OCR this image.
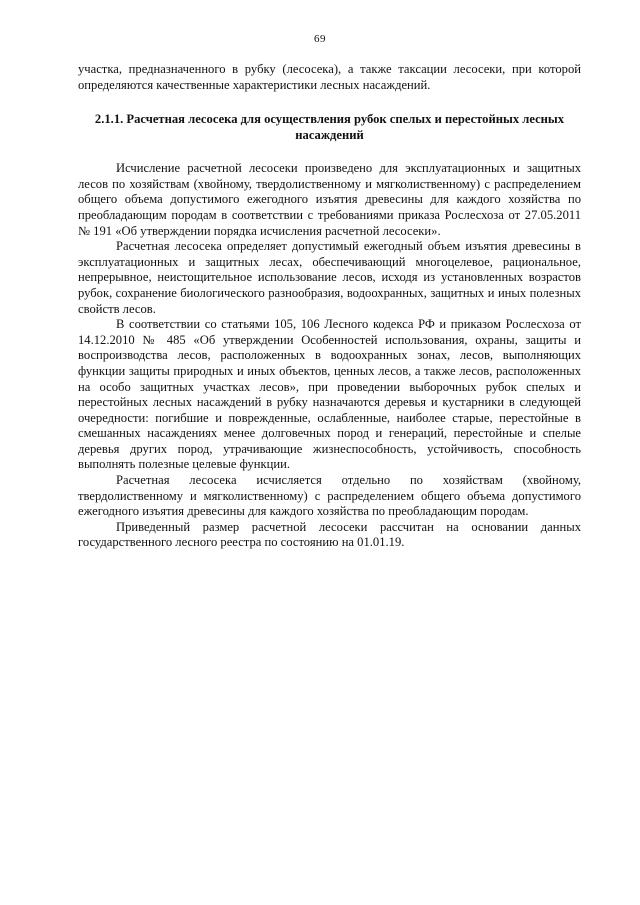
69

участка, предназначенного в рубку (лесосека), а также таксации лесосеки, при которой определяются качественные характеристики лесных насаждений.

2.1.1. Расчетная лесосека для осуществления рубок спелых и перестойных лесных насаждений

Исчисление расчетной лесосеки произведено для эксплуатационных и защитных лесов по хозяйствам (хвойному, твердолиственному и мягколиственному) с распределением общего объема допустимого ежегодного изъятия древесины для каждого хозяйства по преобладающим породам в соответствии с требованиями приказа Рослесхоза от 27.05.2011 № 191 «Об утверждении порядка исчисления расчетной лесосеки».

Расчетная лесосека определяет допустимый ежегодный объем изъятия древесины в эксплуатационных и защитных лесах, обеспечивающий многоцелевое, рациональное, непрерывное, неистощительное использование лесов, исходя из установленных возрастов рубок, сохранение биологического разнообразия, водоохранных, защитных и иных полезных свойств лесов.

В соответствии со статьями 105, 106 Лесного кодекса РФ и приказом Рослесхоза от 14.12.2010 № 485 «Об утверждении Особенностей использования, охраны, защиты и воспроизводства лесов, расположенных в водоохранных зонах, лесов, выполняющих функции защиты природных и иных объектов, ценных лесов, а также лесов, расположенных на особо защитных участках лесов», при проведении выборочных рубок спелых и перестойных лесных насаждений в рубку назначаются деревья и кустарники в следующей очередности: погибшие и поврежденные, ослабленные, наиболее старые, перестойные в смешанных насаждениях менее долговечных пород и генераций, перестойные и спелые деревья других пород, утрачивающие жизнеспособность, устойчивость, способность выполнять полезные целевые функции.

Расчетная лесосека исчисляется отдельно по хозяйствам (хвойному, твердолиственному и мягколиственному) с распределением общего объема допустимого ежегодного изъятия древесины для каждого хозяйства по преобладающим породам.

Приведенный размер расчетной лесосеки рассчитан на основании данных государственного лесного реестра по состоянию на 01.01.19.
